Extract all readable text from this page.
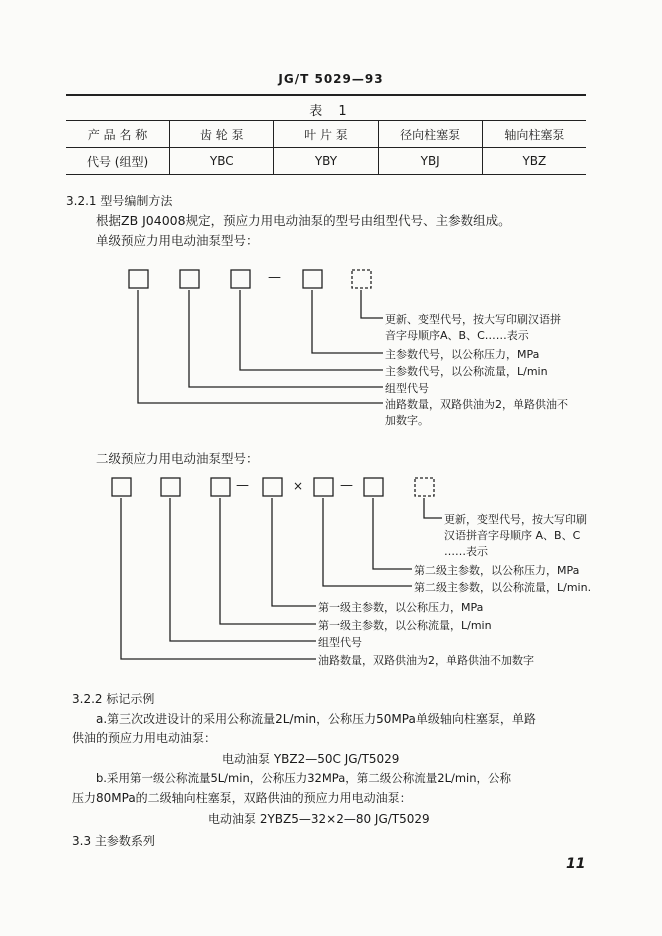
JG/T 5029—93
表 1
产 品 名 称	齿 轮 泵	叶 片 泵	径向柱塞泵	轴向柱塞泵
代号 (组型)	YBC	YBY	YBJ	YBZ
3.2.1 型号编制方法
根据ZB J04008规定，预应力用电动油泵的型号由组型代号、主参数组成。
单级预应力用电动油泵型号：
—
更新、变型代号，按大写印刷汉语拼
音字母顺序A、B、C……表示
主参数代号，以公称压力，MPa
主参数代号，以公称流量，L/min
组型代号
油路数量，双路供油为2，单路供油不
加数字。
二级预应力用电动油泵型号：
—	×	—
更新，变型代号，按大写印刷
汉语拼音字母顺序 A、B、C
……表示
第二级主参数，以公称压力，MPa
第二级主参数，以公称流量，L/min.
第一级主参数，以公称压力，MPa
第一级主参数，以公称流量，L/min
组型代号
油路数量，双路供油为2，单路供油不加数字
3.2.2 标记示例
a.第三次改进设计的采用公称流量2L/min，公称压力50MPa单级轴向柱塞泵，单路
供油的预应力用电动油泵：
电动油泵 YBZ2—50C JG/T5029
b.采用第一级公称流量5L/min，公称压力32MPa，第二级公称流量2L/min，公称
压力80MPa的二级轴向柱塞泵，双路供油的预应力用电动油泵：
电动油泵 2YBZ5—32×2—80 JG/T5029
3.3 主参数系列
11
